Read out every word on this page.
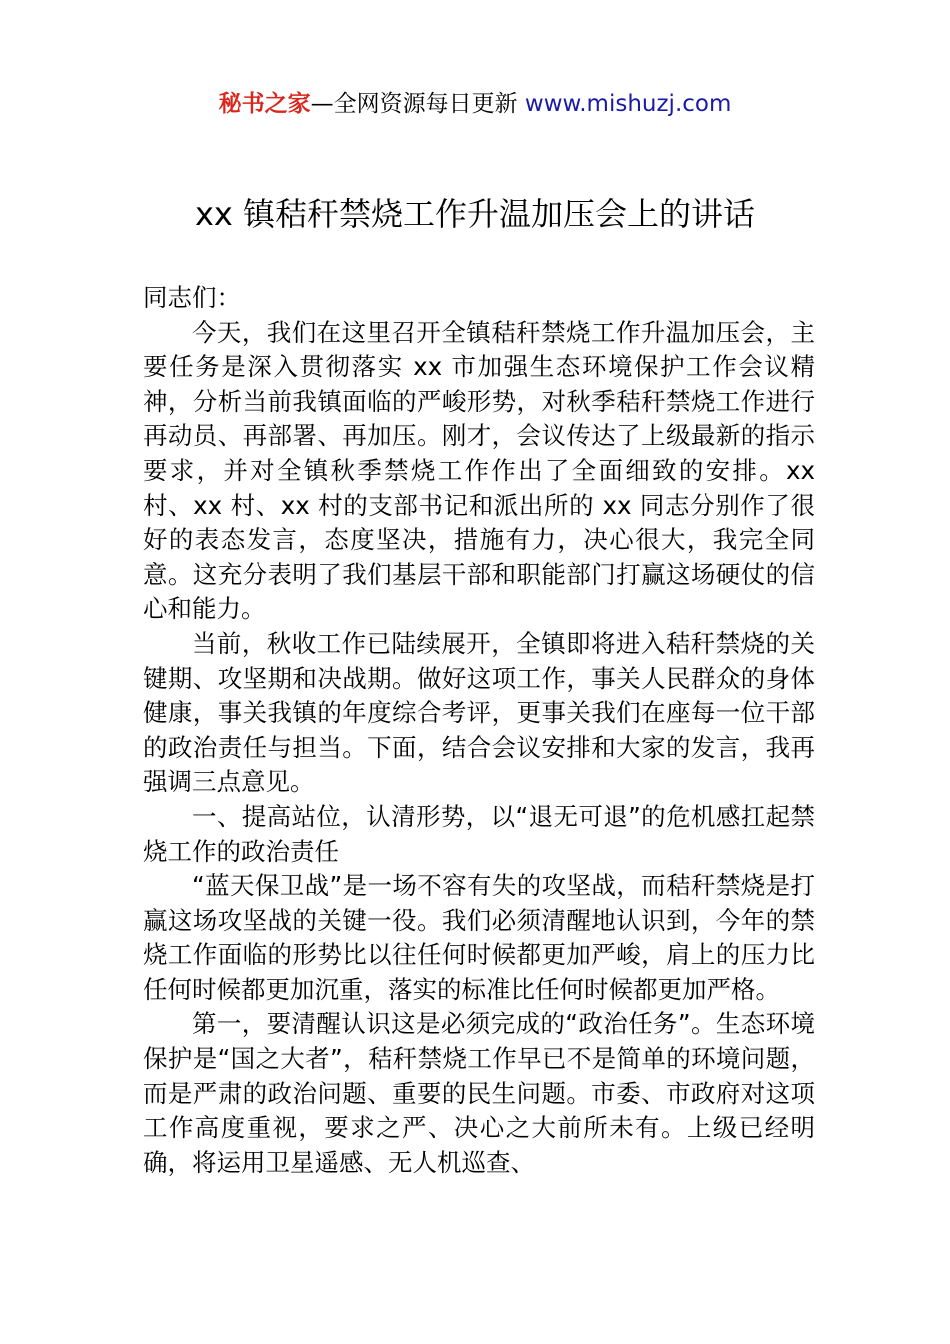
秘书之家—全网资源每日更新 www.mishuzj.com
xx 镇秸秆禁烧工作升温加压会上的讲话

同志们：

今天，我们在这里召开全镇秸秆禁烧工作升温加压会，主要任务是深入贯彻落实 xx 市加强生态环境保护工作会议精神，分析当前我镇面临的严峻形势，对秋季秸秆禁烧工作进行再动员、再部署、再加压。刚才，会议传达了上级最新的指示要求，并对全镇秋季禁烧工作作出了全面细致的安排。xx 村、xx 村、xx 村的支部书记和派出所的 xx 同志分别作了很好的表态发言，态度坚决，措施有力，决心很大，我完全同意。这充分表明了我们基层干部和职能部门打赢这场硬仗的信心和能力。

当前，秋收工作已陆续展开，全镇即将进入秸秆禁烧的关键期、攻坚期和决战期。做好这项工作，事关人民群众的身体健康，事关我镇的年度综合考评，更事关我们在座每一位干部的政治责任与担当。下面，结合会议安排和大家的发言，我再强调三点意见。

一、提高站位，认清形势，以“退无可退”的危机感扛起禁烧工作的政治责任

“蓝天保卫战”是一场不容有失的攻坚战，而秸秆禁烧是打赢这场攻坚战的关键一役。我们必须清醒地认识到，今年的禁烧工作面临的形势比以往任何时候都更加严峻，肩上的压力比任何时候都更加沉重，落实的标准比任何时候都更加严格。

第一，要清醒认识这是必须完成的“政治任务”。生态环境保护是“国之大者”，秸秆禁烧工作早已不是简单的环境问题，而是严肃的政治问题、重要的民生问题。市委、市政府对这项工作高度重视，要求之严、决心之大前所未有。上级已经明确，将运用卫星遥感、无人机巡查、
